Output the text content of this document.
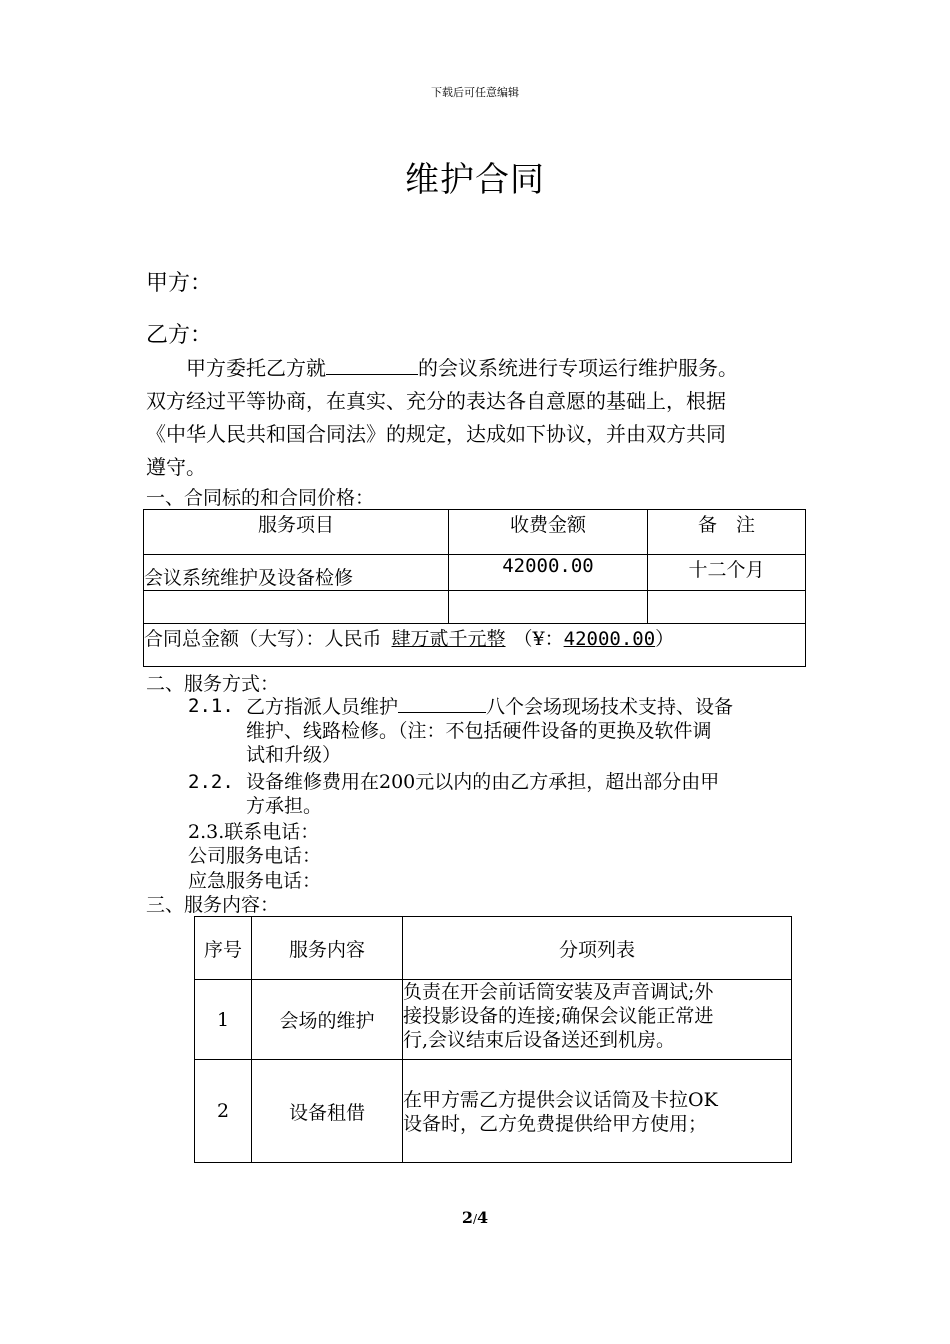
下载后可任意编辑
维护合同
甲方：
乙方：
甲方委托乙方就	的会议系统进行专项运行维护服务。
双方经过平等协商，在真实、充分的表达各自意愿的基础上，根据
《中华人民共和国合同法》的规定，达成如下协议，并由双方共同
遵守。
一、合同标的和合同价格：
服务项目	收费金额	备　注
会议系统维护及设备检修	42000.00	十二个月

合同总金额（大写）：人民币 肆万贰千元整 （¥：42000.00）		
二、服务方式：
2.1. 乙方指派人员维护	八个会场现场技术支持、设备
维护、线路检修。（注：不包括硬件设备的更换及软件调
试和升级）
2.2. 设备维修费用在200元以内的由乙方承担，超出部分由甲
方承担。
2.3.联系电话：
公司服务电话：
应急服务电话：
三、服务内容：
序号	服务内容	分项列表
1	会场的维护	负责在开会前话筒安装及声音调试;外
接投影设备的连接;确保会议能正常进
行,会议结束后设备送还到机房。

2	设备租借	在甲方需乙方提供会议话筒及卡拉OK
设备时，乙方免费提供给甲方使用；
2/4
